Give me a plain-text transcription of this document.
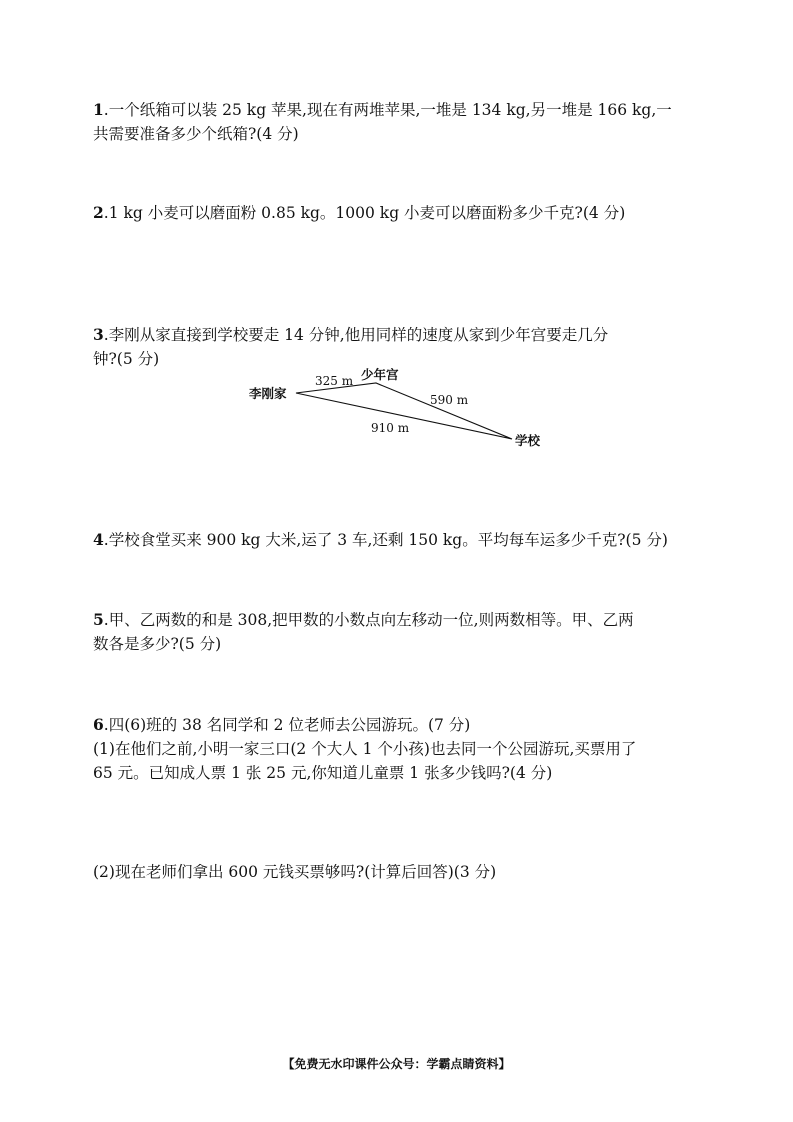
1.一个纸箱可以装 25 kg 苹果,现在有两堆苹果,一堆是 134 kg,另一堆是 166 kg,一
共需要准备多少个纸箱?(4 分)
2.1 kg 小麦可以磨面粉 0.85 kg。1000 kg 小麦可以磨面粉多少千克?(4 分)
3.李刚从家直接到学校要走 14 分钟,他用同样的速度从家到少年宫要走几分
钟?(5 分)
李刚家
少年宫
学校
325 m
590 m
910 m
4.学校食堂买来 900 kg 大米,运了 3 车,还剩 150 kg。平均每车运多少千克?(5 分)
5.甲、乙两数的和是 308,把甲数的小数点向左移动一位,则两数相等。甲、乙两
数各是多少?(5 分)
6.四(6)班的 38 名同学和 2 位老师去公园游玩。(7 分)
(1)在他们之前,小明一家三口(2 个大人 1 个小孩)也去同一个公园游玩,买票用了
65 元。已知成人票 1 张 25 元,你知道儿童票 1 张多少钱吗?(4 分)
(2)现在老师们拿出 600 元钱买票够吗?(计算后回答)(3 分)
【免费无水印课件公众号：学霸点睛资料】
